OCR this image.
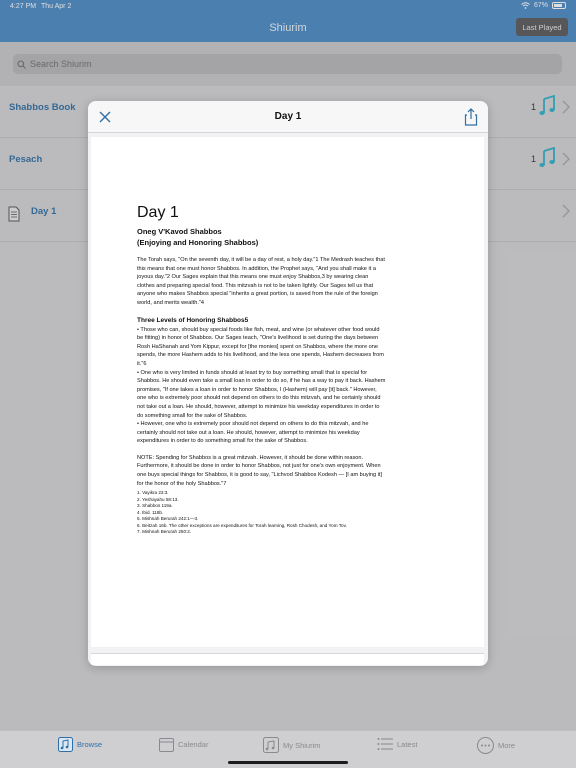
4:27 PM Thu Apr 2	67%
Shiurim	Last Played
Search Shiurim
Shabbos Book	1
Pesach	1
Day 1
Day 1
Day 1
Oneg V'Kavod Shabbos
(Enjoying and Honoring Shabbos)

The Torah says, "On the seventh day, it will be a day of rest, a holy day."1 The Medrash teaches that this means that one must honor Shabbos. In addition, the Prophet says, "And you shall make it a joyous day."2 Our Sages explain that this means one must enjoy Shabbos,3 by wearing clean clothes and preparing special food. This mitzvah is not to be taken lightly. Our Sages tell us that anyone who makes Shabbos special "inherits a great portion, is saved from the rule of the foreign world, and merits wealth."4

Three Levels of Honoring Shabbos5

• Those who can, should buy special foods like fish, meat, and wine (or whatever other food would be fitting) in honor of Shabbos. Our Sages teach, "One's livelihood is set during the days between Rosh HaShanah and Yom Kippur, except for [the monies] spent on Shabbos, where the more one spends, the more Hashem adds to his livelihood, and the less one spends, Hashem decreases from it."6

• One who is very limited in funds should at least try to buy something small that is special for Shabbos. He should even take a small loan in order to do so, if he has a way to pay it back. Hashem promises, "If one takes a loan in order to honor Shabbos, I (Hashem) will pay [it] back." However, one who is extremely poor should not depend on others to do this mitzvah, and he certainly should not take out a loan. He should, however, attempt to minimize his weekday expenditures in order to do something small for the sake of Shabbos.

• However, one who is extremely poor should not depend on others to do this mitzvah, and he certainly should not take out a loan. He should, however, attempt to minimize his weekday expenditures in order to do something small for the sake of Shabbos.

NOTE: Spending for Shabbos is a great mitzvah. However, it should be done within reason. Furthermore, it should be done in order to honor Shabbos, not just for one's own enjoyment. When one buys special things for Shabbos, it is good to say, "Lichvod Shabbos Kodesh — [I am buying it] for the honor of the holy Shabbos."7

1. Vayikra 23:3.
2. Yeshayahu 58:13.
3. Shabbos 119a.
4. Ibid. 118b.
5. Mishnah Berurah 242:1—3.
6. Beitzah 16b. The other exceptions are expenditures for Torah learning, Rosh Chodesh, and Yom Tov.
7. Mishnah Berurah 250:2.
Browse	Calendar	My Shiurim	Latest	More
